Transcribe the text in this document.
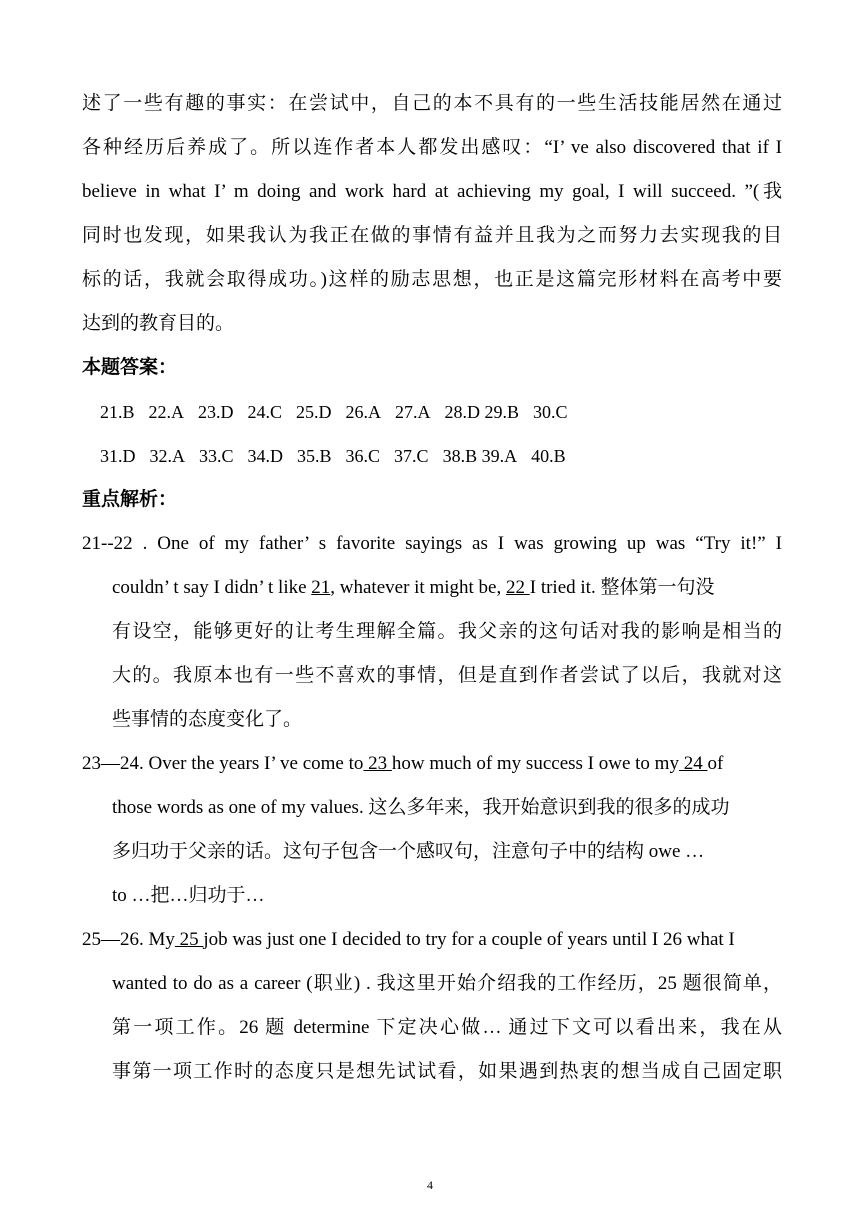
述了一些有趣的事实：在尝试中，自己的本不具有的一些生活技能居然在通过
各种经历后养成了。所以连作者本人都发出感叹：“I’ ve also discovered that if I
believe in what I’ m doing and work hard at achieving my goal, I will succeed. ”(我
同时也发现，如果我认为我正在做的事情有益并且我为之而努力去实现我的目
标的话，我就会取得成功。)这样的励志思想，也正是这篇完形材料在高考中要
达到的教育目的。
本题答案：
21.B 22.A 23.D 24.C 25.D 26.A 27.A 28.D 29.B 30.C
31.D 32.A 33.C 34.D 35.B 36.C 37.C 38.B 39.A 40.B
重点解析：
21--22 . One of my father’ s favorite sayings as I was growing up was “Try it!” I
couldn’ t say I didn’ t like 21, whatever it might be, 22 I tried it. 整体第一句没
有设空，能够更好的让考生理解全篇。我父亲的这句话对我的影响是相当的
大的。我原本也有一些不喜欢的事情，但是直到作者尝试了以后，我就对这
些事情的态度变化了。
23—24. Over the years I’ ve come to 23 how much of my success I owe to my 24 of
those words as one of my values. 这么多年来，我开始意识到我的很多的成功
多归功于父亲的话。这句子包含一个感叹句，注意句子中的结构 owe …
to …把…归功于…
25—26. My 25 job was just one I decided to try for a couple of years until I 26 what I
wanted to do as a career (职业) . 我这里开始介绍我的工作经历，25 题很简单，
第一项工作。26 题 determine 下定决心做… 通过下文可以看出来，我在从
事第一项工作时的态度只是想先试试看，如果遇到热衷的想当成自己固定职
4
